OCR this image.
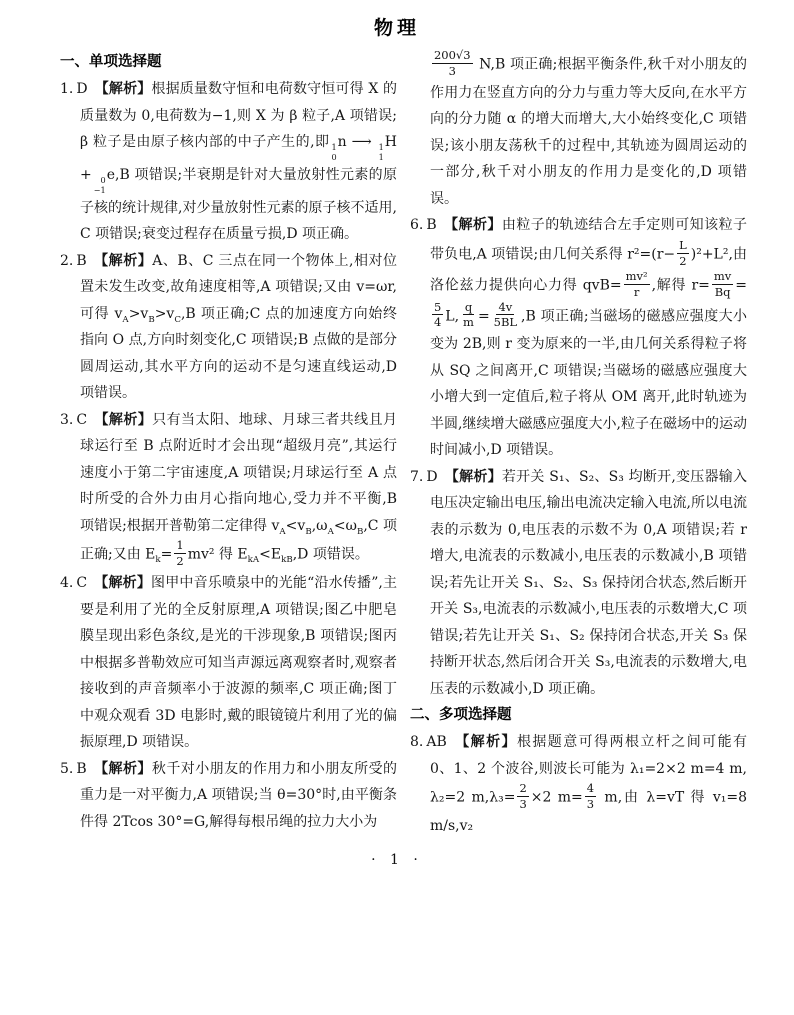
物理
一、单项选择题
1. D 【解析】根据质量数守恒和电荷数守恒可得 X 的质量数为 0,电荷数为−1,则 X 为 β 粒子,A 项错误;β 粒子是由原子核内部的中子产生的,即 1
0
n ⟶ 1
1
H+ 0
−1
e,B 项错误;半衰期是针对大量放射性元素的原子核的统计规律,对少量放射性元素的原子核不适用,C 项错误;衰变过程存在质量亏损,D 项正确。
2. B 【解析】A、B、C 三点在同一个物体上,相对位置未发生改变,故角速度相等,A 项错误;又由 v=ωr,可得 $v_A>v_B>v_C,B$ 项正确;C 点的加速度方向始终指向 O 点,方向时刻变化,C 项错误;B 点做的是部分圆周运动,其水平方向的运动不是匀速直线运动,D 项错误。
3. C 【解析】只有当太阳、地球、月球三者共线且月球运行至 B 点附近时才会出现“超级月亮”,其运行速度小于第二宇宙速度,A 项错误;月球运行至 A 点时所受的合外力由月心指向地心,受力并不平衡,B 项错误;根据开普勒第二定律得 $v_A<v_B,\omega_A<\omega_B,C$ 项正确;又由 $E_k= \frac{1}{2} mv^2$ 得 $E_{kA}<E_{kB},D$ 项错误。
4. C 【解析】图甲中音乐喷泉中的光能“沿水传播”,主要是利用了光的全反射原理,A 项错误;图乙中肥皂膜呈现出彩色条纹,是光的干涉现象,B 项错误;图丙中根据多普勒效应可知当声源远离观察者时,观察者接收到的声音频率小于波源的频率,C 项正确;图丁中观众观看 3D 电影时,戴的眼镜镜片利用了光的偏振原理,D 项错误。
5. B 【解析】秋千对小朋友的作用力和小朋友所受的重力是一对平衡力,A 项错误;当 θ=30°时,由平衡条件得 2Tcos 30°=G,解得每根吊绳的拉力大小为
$\frac{200√3}{3} N,B$ 项正确;根据平衡条件,秋千对小朋友的作用力在竖直方向的分力与重力等大反向,在水平方向的分力随 α 的增大而增大,大小始终变化,C 项错误;该小朋友荡秋千的过程中,其轨迹为圆周运动的一部分,秋千对小朋友的作用力是变化的,D 项错误。
6. B 【解析】由粒子的轨迹结合左手定则可知该粒子带负电,A 项错误;由几何关系得 $r^2=(r- \frac{L}{2} )^2+L^2$,由洛伦兹力提供向心力得 $qvB= \frac{\text{mv²}}{r}$ ,解得 $r= \frac{mv}{Bq}$ =
$\frac{5}{4} L$, $\frac{q}{m} = \frac{4v}{5BL} ,B$ 项正确;当磁场的磁感应强度大小变为 2B,则 r 变为原来的一半,由几何关系得粒子将从 SQ 之间离开,C 项错误;当磁场的磁感应强度大小增大到一定值后,粒子将从 OM 离开,此时轨迹为半圆,继续增大磁感应强度大小,粒子在磁场中的运动时间减小,D 项错误。
7. D 【解析】若开关 S₁、S₂、S₃ 均断开,变压器输入电压决定输出电压,输出电流决定输入电流,所以电流表的示数为 0,电压表的示数不为 0,A 项错误;若 r 增大,电流表的示数减小,电压表的示数减小,B 项错误;若先让开关 S₁、S₂、S₃ 保持闭合状态,然后断开开关 S₃,电流表的示数减小,电压表的示数增大,C 项错误;若先让开关 S₁、S₂ 保持闭合状态,开关 S₃ 保持断开状态,然后闭合开关 S₃,电流表的示数增大,电压表的示数减小,D 项正确。
二、多项选择题
8. AB 【解析】根据题意可得两根立杆之间可能有 0、1、2 个波谷,则波长可能为 λ₁=2×2 m=4 m,λ₂=2 $m,\lambda_3= \frac{2}{3} \times 2$ $m= \frac{4}{3} m$,由 λ=vT 得 v₁=8 m/s,v₂
· 1 ·
